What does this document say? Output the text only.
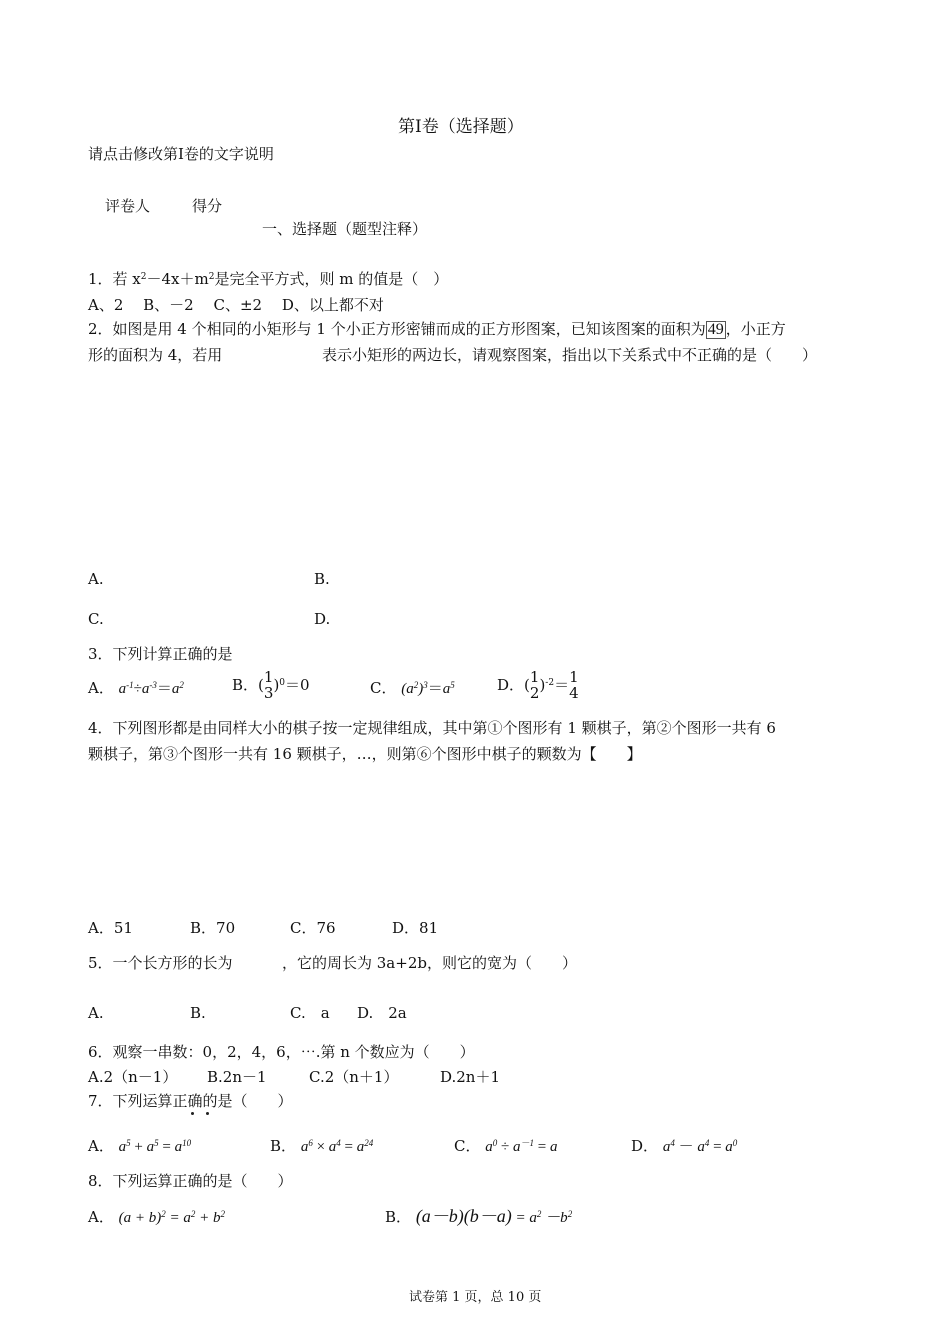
第Ⅰ卷（选择题）
请点击修改第I卷的文字说明
评卷人	得分
一、选择题（题型注释）
1．若 $x^2-4x+m^2$是完全平方式，则 m 的值是（　）
A、2　 B、－2　 C、±2　 D、以上都不对
2．如图是用 4 个相同的小矩形与 1 个小正方形密铺而成的正方形图案，已知该图案的面积为 49 ，小正方
形的面积为 4，若用	表示小矩形的两边长，请观察图案，指出以下关系式中不正确的是（　　）
A.	B.
C.	D.
3．下列计算正确的是
A． $a^{-1}\div a^{-3}=a^2$	B．( 1
3 )$^0$＝0	C． $(a^2)^3=a^5$	D．( 1
2 )$^{-2}$＝ 1
4
4．下列图形都是由同样大小的棋子按一定规律组成，其中第①个图形有 1 颗棋子，第②个图形一共有 6
颗棋子，第③个图形一共有 16 颗棋子，…，则第⑥个图形中棋子的颗数为【　　】
A．51	B．70	C．76	D．81
5．一个长方形的长为	，它的周长为 3a+2b，则它的宽为（　　）
A.	B.	C.　a D.　2a
6．观察一串数：0，2，4，6，⋯.第 n 个数应为（　　）
A.2（n－1） B.2n－1	C.2（n＋1）	D.2n＋1
7．下列运算正确的是（　　）
A． $a^5 + a^5 = a^{10}$	B． $a^6 \times a^4 = a^{24}$	C． $a^0 \div a^{-1} = a$	D． $a^4 - a^4 = a^0$
8．下列运算正确的是（　　）
A． $(a + b)^2 = a^2 + b^2$	B． $(a-b)(b-a) = a^2 -b^2$
试卷第 1 页，总 10 页
